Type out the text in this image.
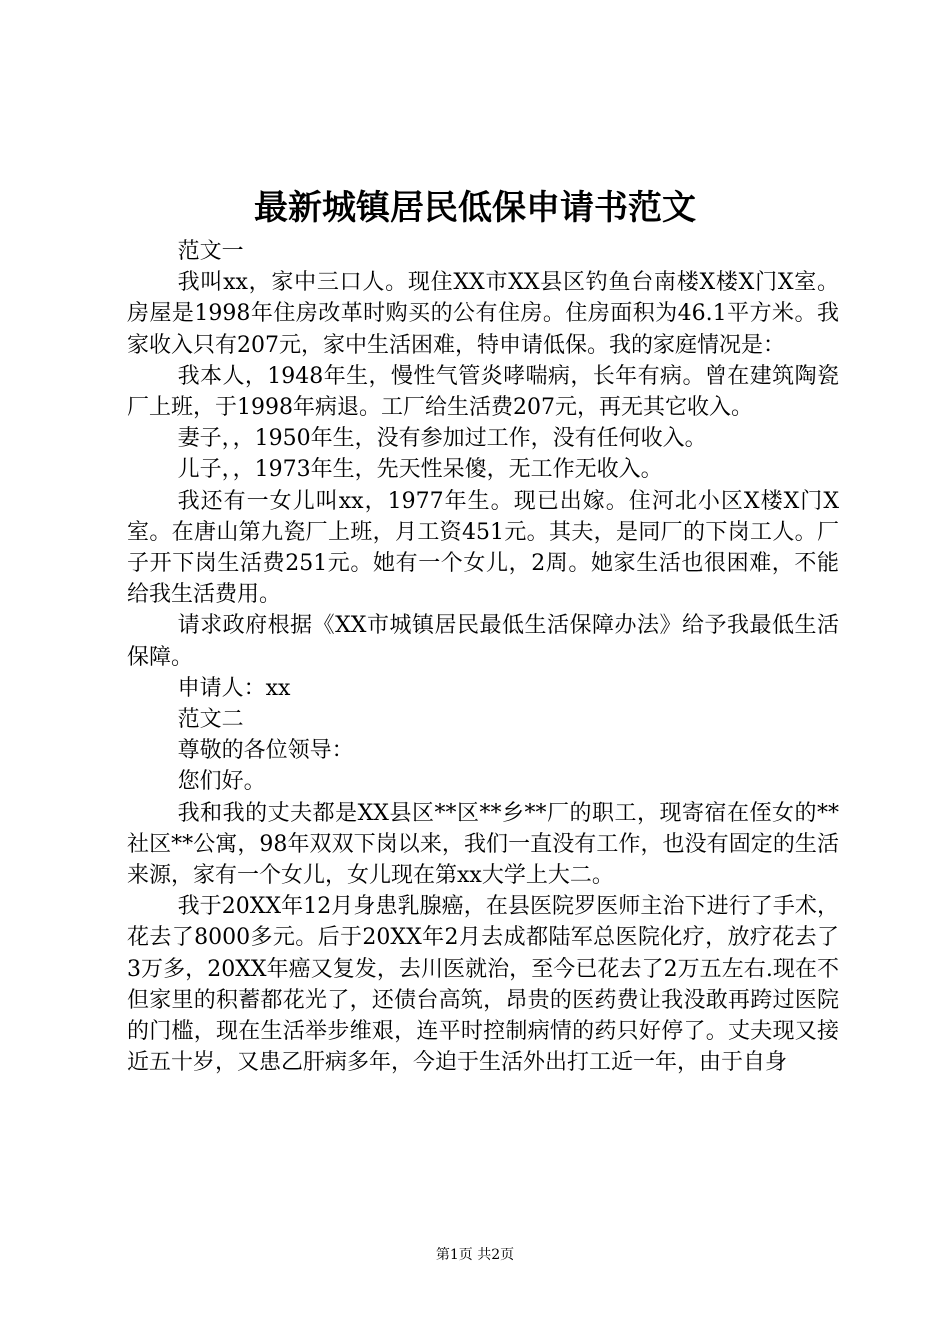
最新城镇居民低保申请书范文

范文一

我叫xx，家中三口人。现住XX市XX县区钓鱼台南楼X楼X门X室。房屋是1998年住房改革时购买的公有住房。住房面积为46.1平方米。我家收入只有207元，家中生活困难，特申请低保。我的家庭情况是：

我本人，1948年生，慢性气管炎哮喘病，长年有病。曾在建筑陶瓷厂上班，于1998年病退。工厂给生活费207元，再无其它收入。

妻子，，1950年生，没有参加过工作，没有任何收入。

儿子，，1973年生，先天性呆傻，无工作无收入。

我还有一女儿叫xx，1977年生。现已出嫁。住河北小区X楼X门X室。在唐山第九瓷厂上班，月工资451元。其夫，是同厂的下岗工人。厂子开下岗生活费251元。她有一个女儿，2周。她家生活也很困难，不能给我生活费用。

请求政府根据《XX市城镇居民最低生活保障办法》给予我最低生活保障。

申请人：xx

范文二

尊敬的各位领导：

您们好。

我和我的丈夫都是XX县区**区**乡**厂的职工，现寄宿在侄女的**社区**公寓，98年双双下岗以来，我们一直没有工作，也没有固定的生活来源，家有一个女儿，女儿现在第xx大学上大二。

我于20XX年12月身患乳腺癌，在县医院罗医师主治下进行了手术，花去了8000多元。后于20XX年2月去成都陆军总医院化疗，放疗花去了3万多，20XX年癌又复发，去川医就治，至今已花去了2万五左右.现在不但家里的积蓄都花光了，还债台高筑，昂贵的医药费让我没敢再跨过医院的门槛，现在生活举步维艰，连平时控制病情的药只好停了。丈夫现又接近五十岁，又患乙肝病多年，今迫于生活外出打工近一年，由于自身

第1页 共2页
